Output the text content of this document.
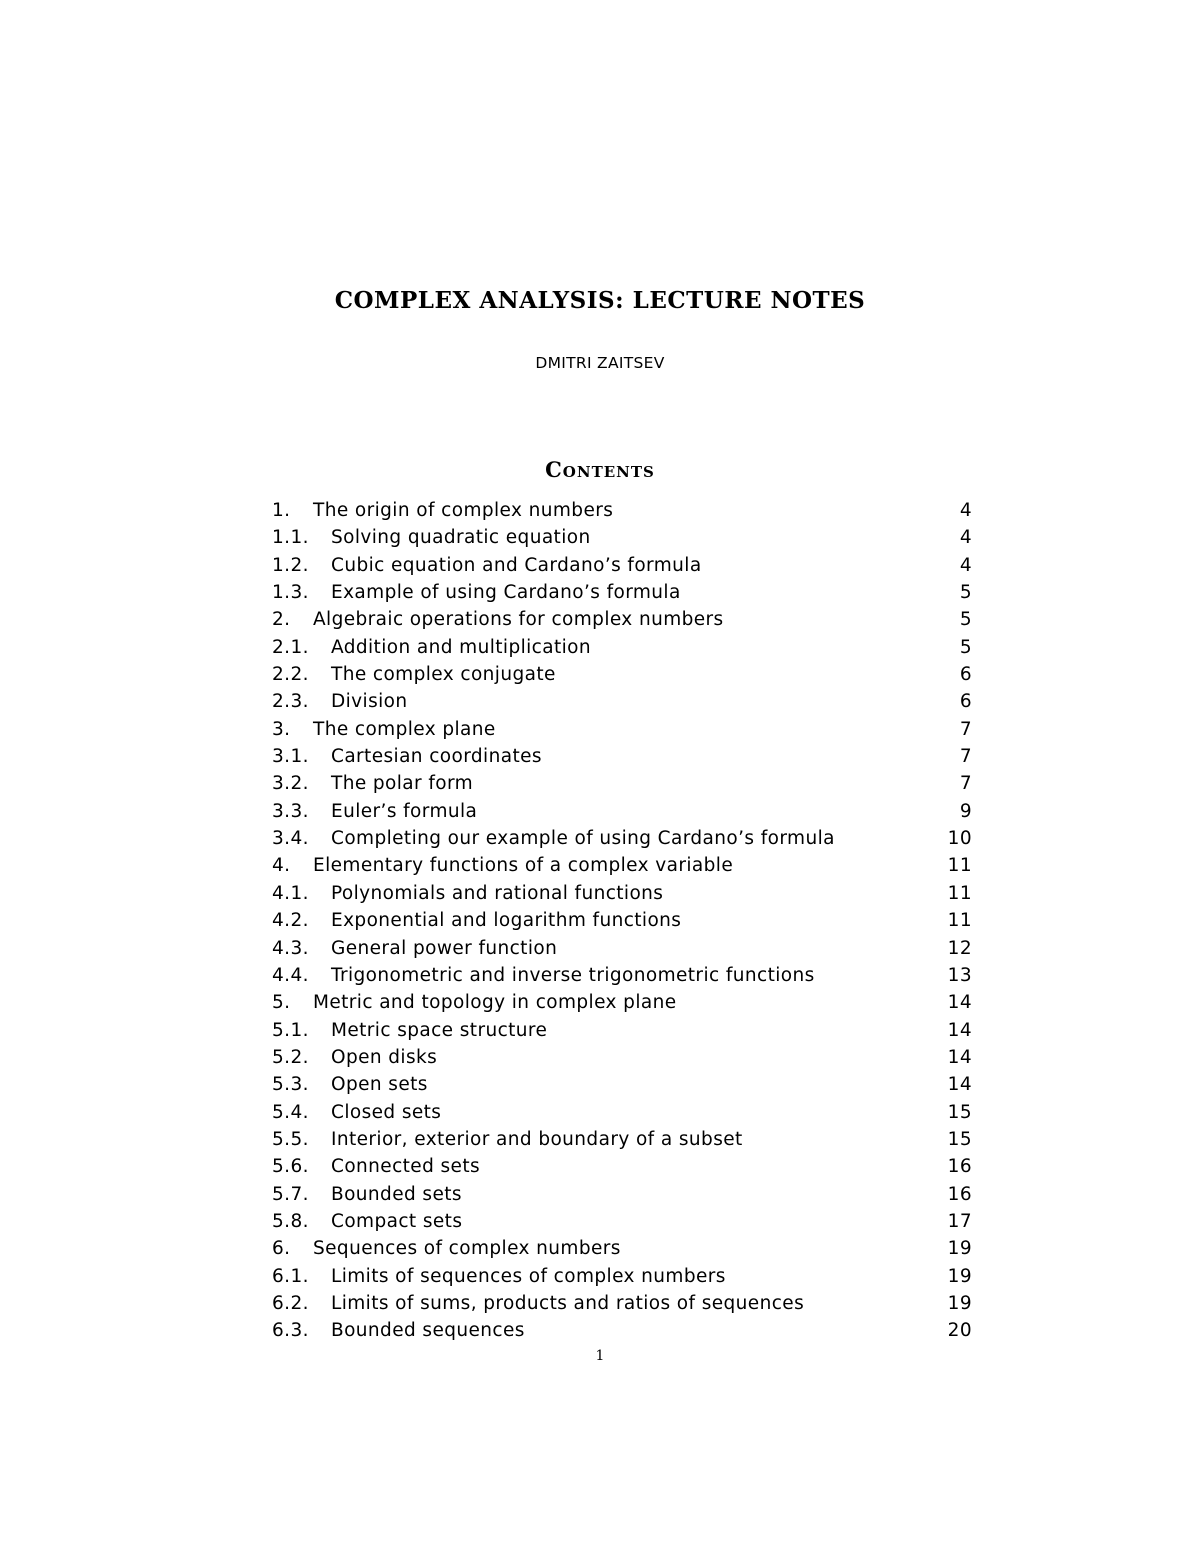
COMPLEX ANALYSIS: LECTURE NOTES
DMITRI ZAITSEV
Contents
1. The origin of complex numbers	4
1.1. Solving quadratic equation	4
1.2. Cubic equation and Cardano’s formula	4
1.3. Example of using Cardano’s formula	5
2. Algebraic operations for complex numbers	5
2.1. Addition and multiplication	5
2.2. The complex conjugate	6
2.3. Division	6
3. The complex plane	7
3.1. Cartesian coordinates	7
3.2. The polar form	7
3.3. Euler’s formula	9
3.4. Completing our example of using Cardano’s formula	10
4. Elementary functions of a complex variable	11
4.1. Polynomials and rational functions	11
4.2. Exponential and logarithm functions	11
4.3. General power function	12
4.4. Trigonometric and inverse trigonometric functions	13
5. Metric and topology in complex plane	14
5.1. Metric space structure	14
5.2. Open disks	14
5.3. Open sets	14
5.4. Closed sets	15
5.5. Interior, exterior and boundary of a subset	15
5.6. Connected sets	16
5.7. Bounded sets	16
5.8. Compact sets	17
6. Sequences of complex numbers	19
6.1. Limits of sequences of complex numbers	19
6.2. Limits of sums, products and ratios of sequences	19
6.3. Bounded sequences	20
1
